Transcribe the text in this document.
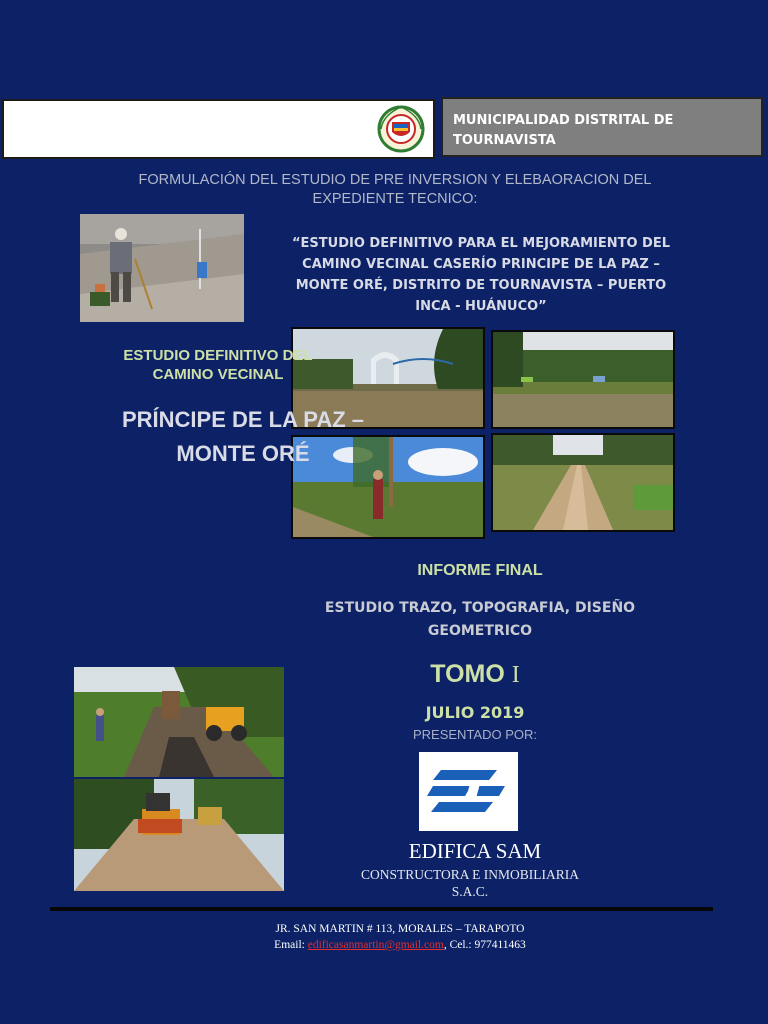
MUNICIPALIDAD DISTRITAL DE
TOURNAVISTA
FORMULACIÓN DEL ESTUDIO DE PRE INVERSION Y ELEBAORACION DEL
EXPEDIENTE TECNICO:
“ESTUDIO DEFINITIVO PARA EL MEJORAMIENTO DEL
CAMINO VECINAL CASERÍO PRINCIPE DE LA PAZ –
MONTE ORÉ, DISTRITO DE TOURNAVISTA – PUERTO
INCA - HUÁNUCO”
ESTUDIO DEFINITIVO DEL
CAMINO VECINAL
PRÍNCIPE DE LA PAZ –
MONTE ORÉ
INFORME FINAL
ESTUDIO TRAZO, TOPOGRAFIA, DISEÑO
GEOMETRICO
TOMO I
JULIO 2019
PRESENTADO POR:
EDIFICA SAM
CONSTRUCTORA E INMOBILIARIA
S.A.C.
JR. SAN MARTIN # 113, MORALES – TARAPOTO
Email: edificasanmartin@gmail.com, Cel.: 977411463
